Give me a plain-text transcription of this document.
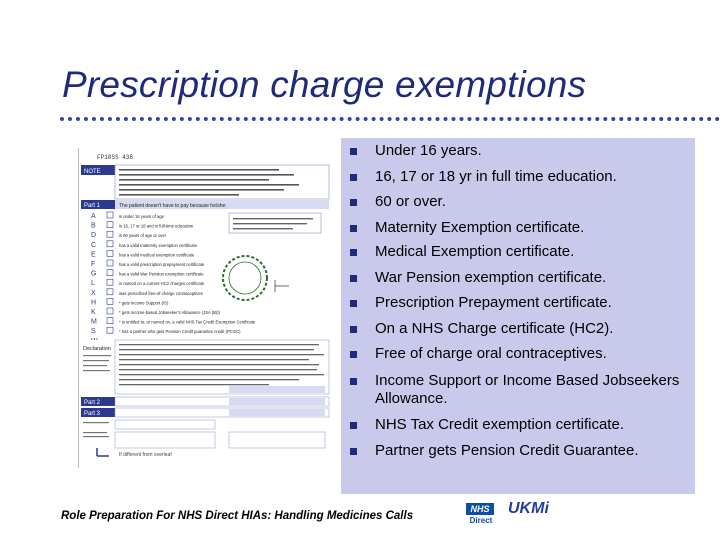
Prescription charge exemptions
FP10SS 436
NOTE
Part 1	The patient doesn't have to pay because he/she:
A
B
D
C
E
F
G
L
X
H
K
M
S
is under 16 years of age
is 16, 17 or 18 and in full-time education
is 60 years of age or over
has a valid maternity exemption certificate
has a valid medical exemption certificate
has a valid prescription prepayment certificate
has a valid War Pension exemption certificate
is named on a current HC2 charges certificate
was prescribed free-of-charge contraceptives
* gets Income Support (IS)
* gets income-based Jobseeker's Allowance (JSA (IB))
* is entitled to, or named on, a valid NHS Tax Credit Exemption Certificate
* has a partner who gets Pension Credit guarantee credit (PCGC)
Declaration
Part 2
Part 3
If different from overleaf
Under 16 years.
16, 17 or 18 yr in full time education.
60 or over.
Maternity Exemption certificate.
Medical Exemption certificate.
War Pension exemption certificate.
Prescription Prepayment certificate.
On a NHS Charge certificate (HC2).
Free of charge oral contraceptives.
Income Support or Income Based Jobseekers Allowance.
NHS Tax Credit exemption certificate.
Partner gets Pension Credit Guarantee.
Role Preparation For NHS Direct HIAs: Handling Medicines Calls
NHS
Direct
UKMi
